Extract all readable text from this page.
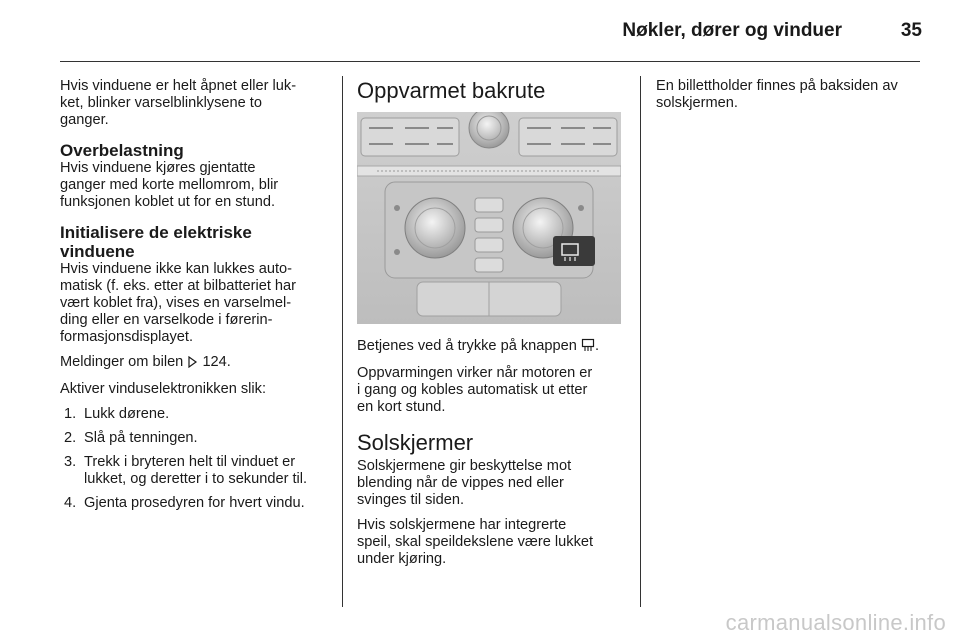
Nøkler, dører og vinduer	35

Hvis vinduene er helt åpnet eller luk-
ket, blinker varselblinklysene to
ganger.

Overbelastning

Hvis vinduene kjøres gjentatte
ganger med korte mellomrom, blir
funksjonen koblet ut for en stund.

Initialisere de elektriske
vinduene

Hvis vinduene ikke kan lukkes auto-
matisk (f. eks. etter at bilbatteriet har
vært koblet fra), vises en varselmel-
ding eller en varselkode i førerin-
formasjonsdisplayet.

Meldinger om bilen 124.

Aktiver vinduselektronikken slik:

1. Lukk dørene.
2. Slå på tenningen.
3. Trekk i bryteren helt til vinduet er
lukket, og deretter i to sekunder til.
4. Gjenta prosedyren for hvert vindu.
Oppvarmet bakrute

Betjenes ved å trykke på knappen .

Oppvarmingen virker når motoren er
i gang og kobles automatisk ut etter
en kort stund.

Solskjermer

Solskjermene gir beskyttelse mot
blending når de vippes ned eller
svinges til siden.

Hvis solskjermene har integrerte
speil, skal speildekslene være lukket
under kjøring.

En billettholder finnes på baksiden av
solskjermen.

carmanualsonline.info
